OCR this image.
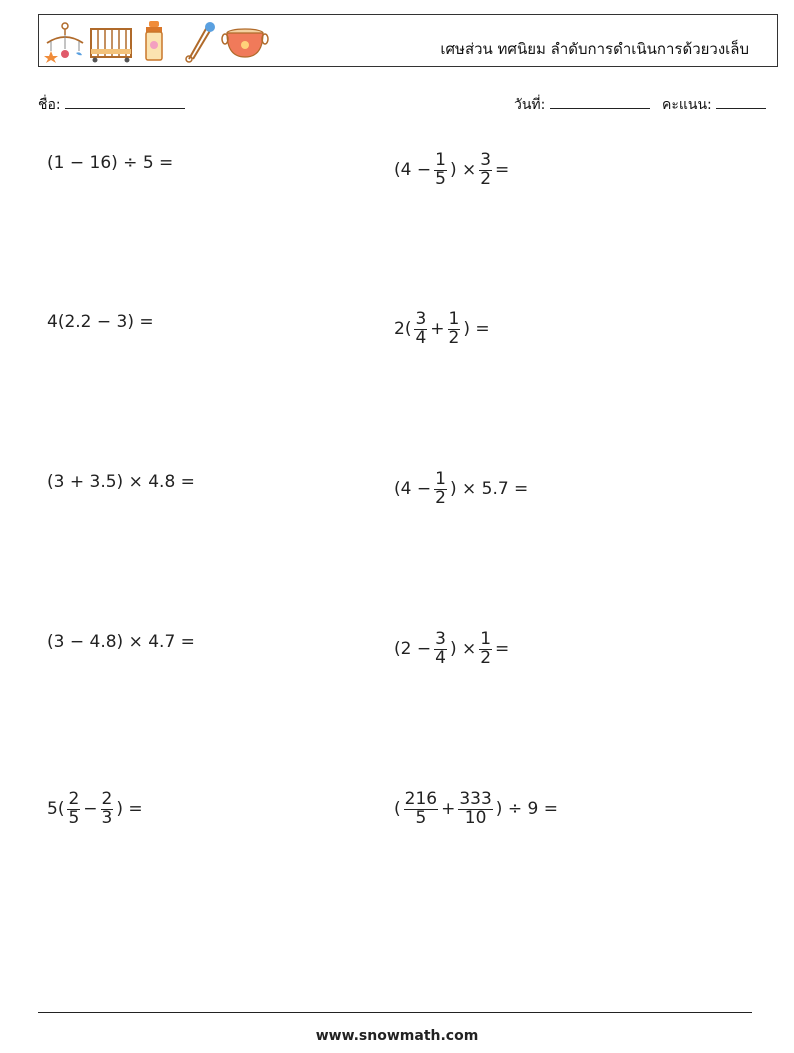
เศษส่วน ทศนิยม ลำดับการดำเนินการด้วยวงเล็บ
ชื่อ:	วันที่:	คะแนน:
(1 − 16) ÷ 5 =	($4 - \frac{1}{5}$ ) × $\frac{3}{2}$ =
4(2.2 − 3) =	$2( \frac{3}{4} + \frac{1}{2}$ ) =
(3 + 3.5) × 4.8 =	($4 - \frac{1}{2}$ ) × 5.7 =
(3 − 4.8) × 4.7 =	($2 - \frac{3}{4}$ ) × $\frac{1}{2}$ =
$5( \frac{2}{5} - \frac{2}{3}$ ) =	( $\frac{216}{5} + \frac{333}{10}$ ) ÷ 9 =
www.snowmath.com
